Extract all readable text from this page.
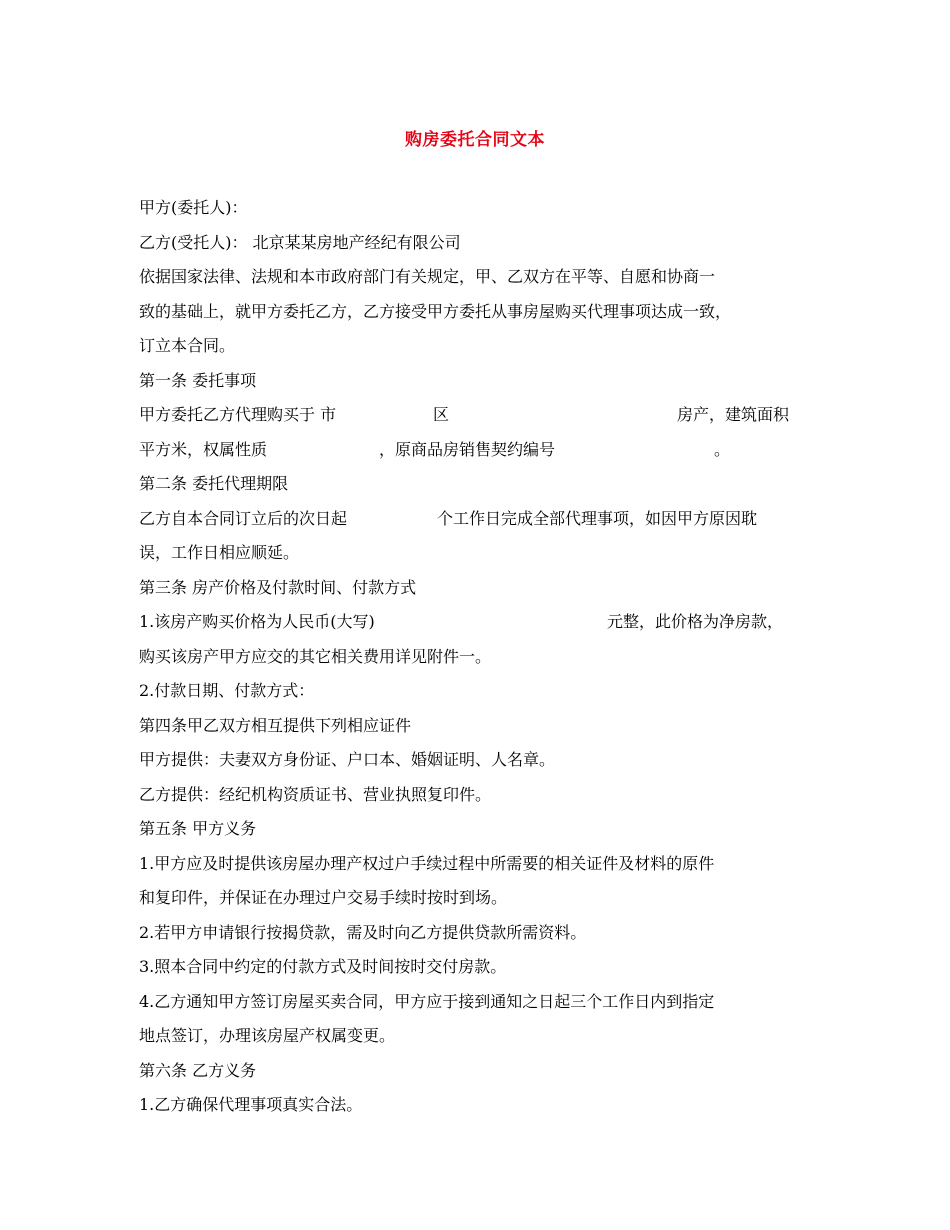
购房委托合同文本
甲方(委托人)：
乙方(受托人)： 北京某某房地产经纪有限公司
依据国家法律、法规和本市政府部门有关规定，甲、乙双方在平等、自愿和协商一
致的基础上，就甲方委托乙方，乙方接受甲方委托从事房屋购买代理事项达成一致，
订立本合同。
第一条 委托事项
甲方委托乙方代理购买于 市	区	房产，建筑面积
平方米，权属性质	，原商品房销售契约编号	。
第二条 委托代理期限
乙方自本合同订立后的次日起	个工作日完成全部代理事项，如因甲方原因耽
误，工作日相应顺延。
第三条 房产价格及付款时间、付款方式
1.该房产购买价格为人民币(大写)	元整，此价格为净房款，
购买该房产甲方应交的其它相关费用详见附件一。
2.付款日期、付款方式：
第四条甲乙双方相互提供下列相应证件
甲方提供：夫妻双方身份证、户口本、婚姻证明、人名章。
乙方提供：经纪机构资质证书、营业执照复印件。
第五条 甲方义务
1.甲方应及时提供该房屋办理产权过户手续过程中所需要的相关证件及材料的原件
和复印件，并保证在办理过户交易手续时按时到场。
2.若甲方申请银行按揭贷款，需及时向乙方提供贷款所需资料。
3.照本合同中约定的付款方式及时间按时交付房款。
4.乙方通知甲方签订房屋买卖合同，甲方应于接到通知之日起三个工作日内到指定
地点签订，办理该房屋产权属变更。
第六条 乙方义务
1.乙方确保代理事项真实合法。
